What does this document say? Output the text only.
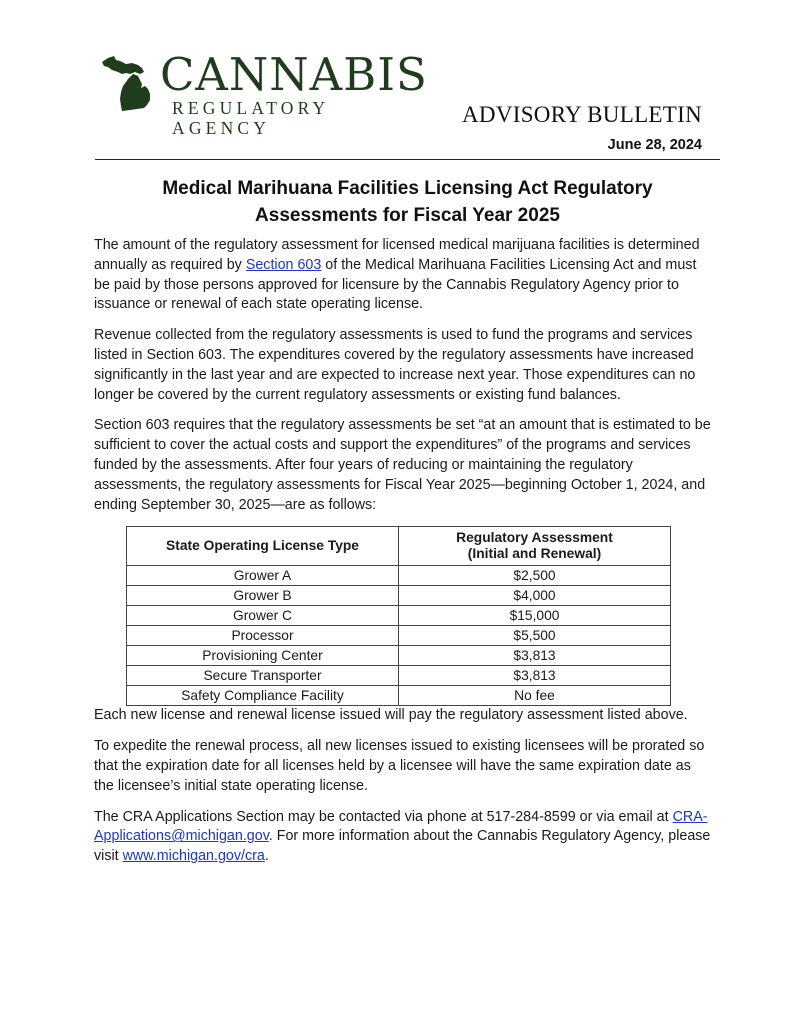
CANNABIS
REGULATORY AGENCY
ADVISORY BULLETIN
June 28, 2024
Medical Marihuana Facilities Licensing Act Regulatory
Assessments for Fiscal Year 2025

The amount of the regulatory assessment for licensed medical marijuana facilities is determined annually as required by Section 603 of the Medical Marihuana Facilities Licensing Act and must be paid by those persons approved for licensure by the Cannabis Regulatory Agency prior to issuance or renewal of each state operating license.

Revenue collected from the regulatory assessments is used to fund the programs and services listed in Section 603. The expenditures covered by the regulatory assessments have increased significantly in the last year and are expected to increase next year. Those expenditures can no longer be covered by the current regulatory assessments or existing fund balances.

Section 603 requires that the regulatory assessments be set “at an amount that is estimated to be sufficient to cover the actual costs and support the expenditures” of the programs and services funded by the assessments. After four years of reducing or maintaining the regulatory assessments, the regulatory assessments for Fiscal Year 2025—beginning October 1, 2024, and ending September 30, 2025—are as follows:

State Operating License Type	Regulatory Assessment
(Initial and Renewal)

Grower A	$2,500
Grower B	$4,000
Grower C	$15,000
Processor	$5,500
Provisioning Center	$3,813
Secure Transporter	$3,813
Safety Compliance Facility	No fee

Each new license and renewal license issued will pay the regulatory assessment listed above.

To expedite the renewal process, all new licenses issued to existing licensees will be prorated so that the expiration date for all licenses held by a licensee will have the same expiration date as the licensee’s initial state operating license.

The CRA Applications Section may be contacted via phone at 517-284-8599 or via email at CRA-Applications@michigan.gov. For more information about the Cannabis Regulatory Agency, please visit www.michigan.gov/cra.
